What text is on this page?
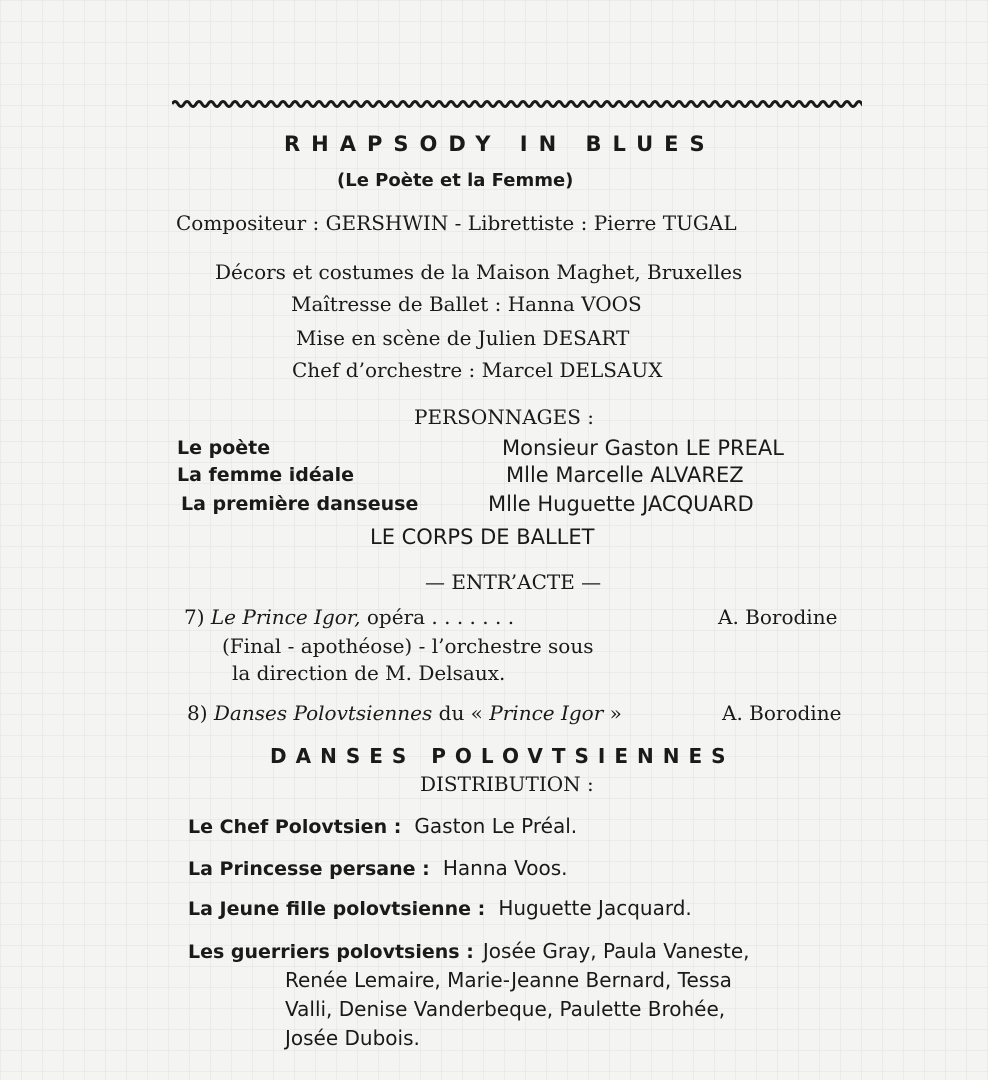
RHAPSODY IN BLUES
(Le Poète et la Femme)
Compositeur : GERSHWIN - Librettiste : Pierre TUGAL
Décors et costumes de la Maison Maghet, Bruxelles
Maîtresse de Ballet : Hanna VOOS
Mise en scène de Julien DESART
Chef d’orchestre : Marcel DELSAUX
PERSONNAGES :
Le poète	Monsieur Gaston LE PREAL
La femme idéale	Mlle Marcelle ALVAREZ
La première danseuse	Mlle Huguette JACQUARD
LE CORPS DE BALLET
— ENTR’ACTE —
7) Le Prince Igor, opéra . . . . . . .	A. Borodine
(Final - apothéose) - l’orchestre sous
la direction de M. Delsaux.
8) Danses Polovtsiennes du « Prince Igor »	A. Borodine
DANSES POLOVTSIENNES
DISTRIBUTION :
Le Chef Polovtsien : Gaston Le Préal.
La Princesse persane : Hanna Voos.
La Jeune fille polovtsienne : Huguette Jacquard.
Les guerriers polovtsiens : Josée Gray, Paula Vaneste,
Renée Lemaire, Marie-Jeanne Bernard, Tessa
Valli, Denise Vanderbeque, Paulette Brohée,
Josée Dubois.
